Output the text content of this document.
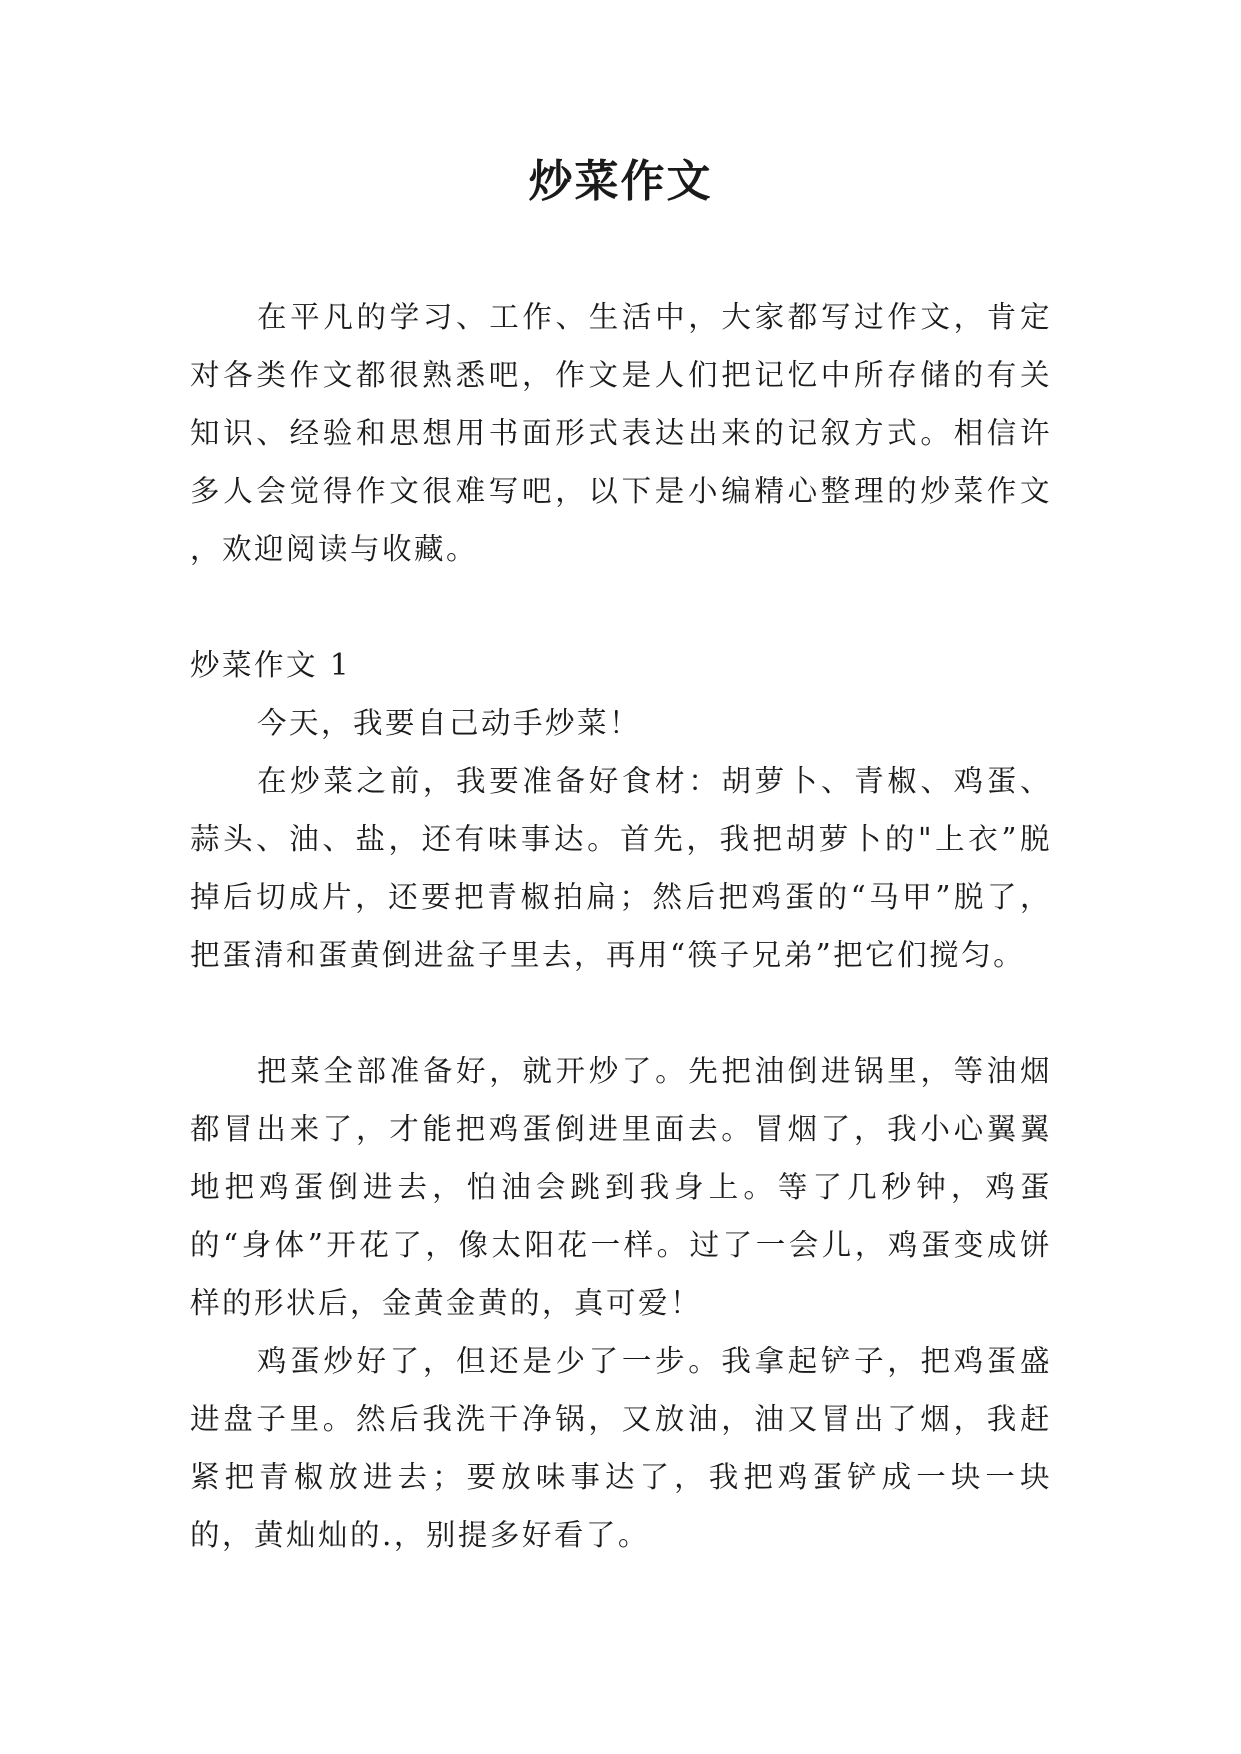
炒菜作文

在平凡的学习、工作、生活中，大家都写过作文，肯定对各类作文都很熟悉吧，作文是人们把记忆中所存储的有关知识、经验和思想用书面形式表达出来的记叙方式。相信许多人会觉得作文很难写吧，以下是小编精心整理的炒菜作文 ，欢迎阅读与收藏。

炒菜作文 1

今天，我要自己动手炒菜！

在炒菜之前，我要准备好食材：胡萝卜、青椒、鸡蛋、蒜头、油、盐，还有味事达。首先，我把胡萝卜的"上衣”脱掉后切成片，还要把青椒拍扁；然后把鸡蛋的“马甲”脱了，把蛋清和蛋黄倒进盆子里去，再用“筷子兄弟”把它们搅匀。

把菜全部准备好，就开炒了。先把油倒进锅里，等油烟都冒出来了，才能把鸡蛋倒进里面去。冒烟了，我小心翼翼地把鸡蛋倒进去，怕油会跳到我身上。等了几秒钟，鸡蛋的“身体”开花了，像太阳花一样。过了一会儿，鸡蛋变成饼样的形状后，金黄金黄的，真可爱！

鸡蛋炒好了，但还是少了一步。我拿起铲子，把鸡蛋盛进盘子里。然后我洗干净锅，又放油，油又冒出了烟，我赶紧把青椒放进去；要放味事达了，我把鸡蛋铲成一块一块的，黄灿灿的.，别提多好看了。
